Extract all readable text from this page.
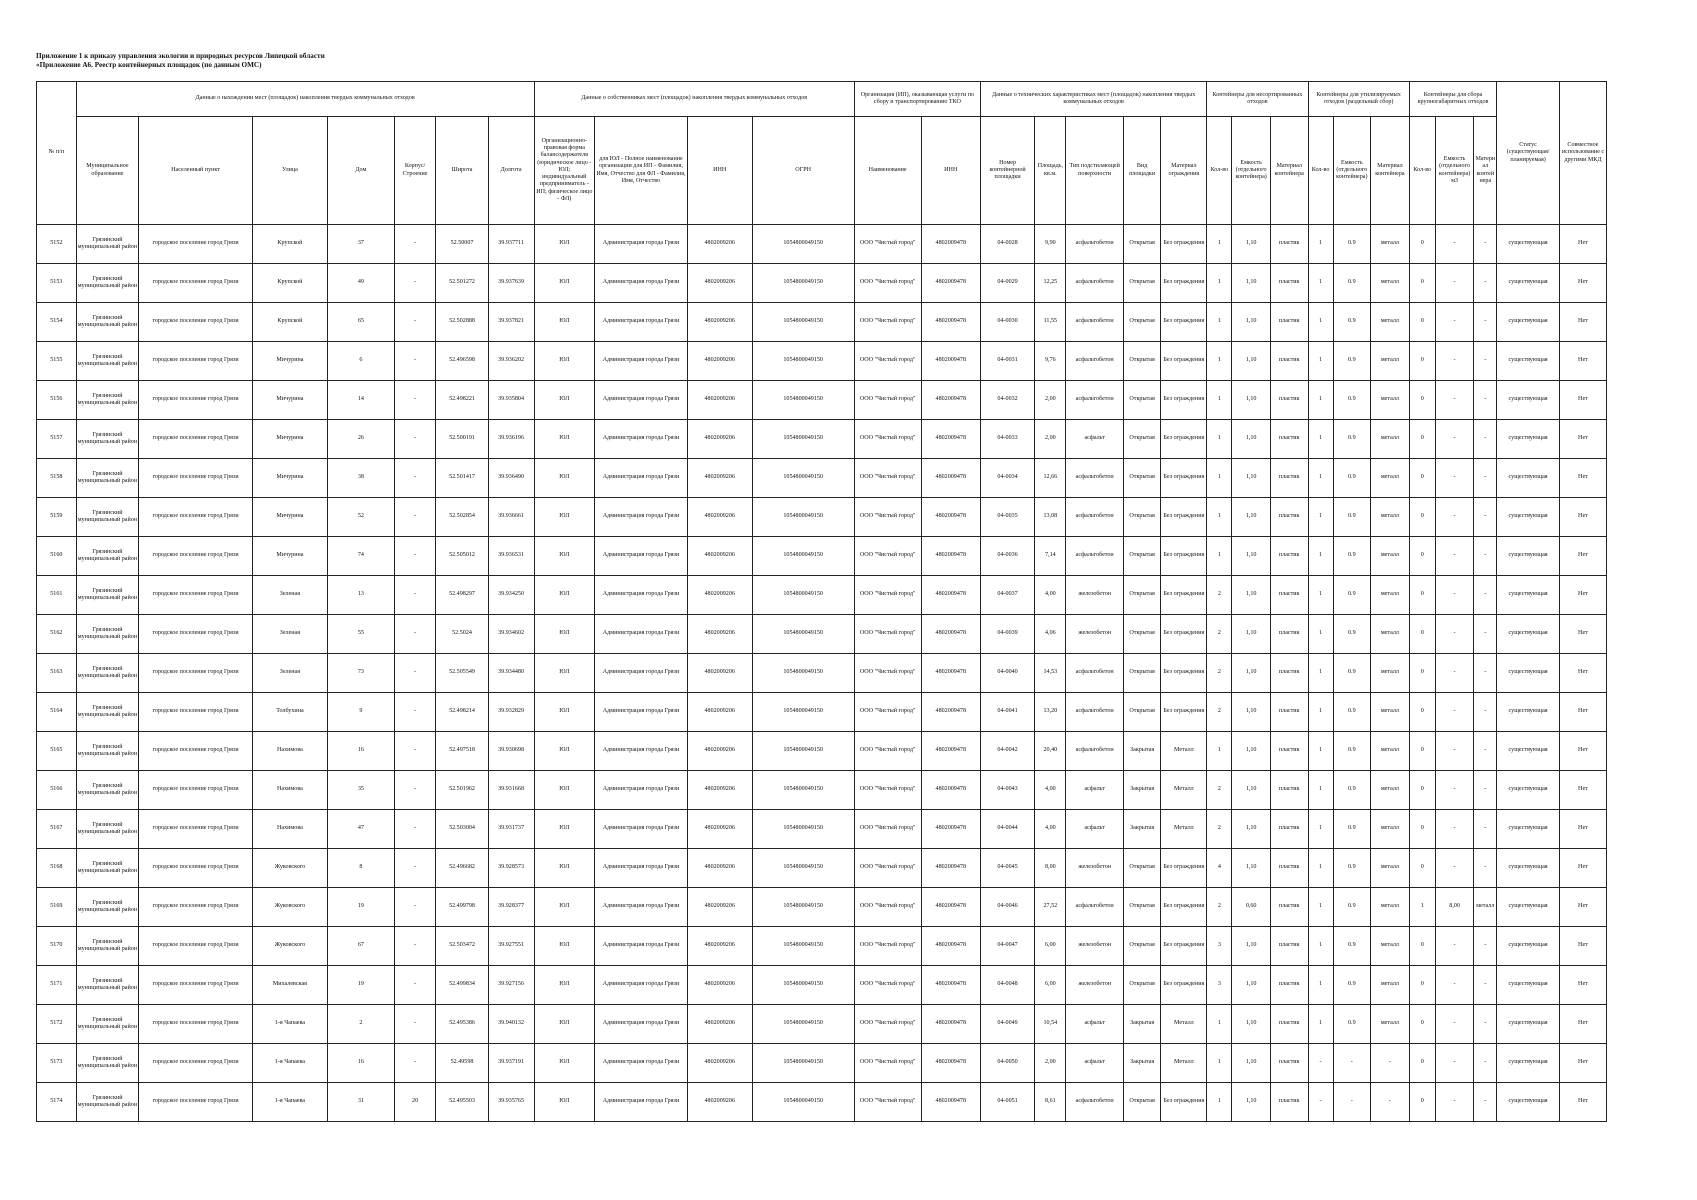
Приложение 1 к приказу управления экологии и природных ресурсов Липецкой области
«Приложение А6. Реестр контейнерных площадок (по данным ОМС)
№ п/п	Данные о нахождении мест (площадок) накопления твердых коммунальных отходов							Данные о собственниках мест (площадок) накопления твердых коммунальных отходов				Организация (ИП), оказывающая услуги по сбору и транспортированию ТКО		Данные о технических характеристиках мест (площадок) накопления твердых коммунальных отходов					Контейнеры для несортированных отходов			Контейнеры для утилизируемых отходов (раздельный сбор)			Контейнеры для сбора крупногабаритных отходов			Статус (существующая/планируемая)	Совместное использование с другими МКД
	Муниципальное образование	Населенный пункт	Улица	Дом	Корпус/Строение	Широта	Долгота	Организационно-правовая форма балансодержателя (юридическое лицо - ЮЛ; индивидуальный предприниматель - ИП; физическое лицо - ФЛ)	для ЮЛ - Полное наименование организации для ИП - Фамилия, Имя, Отчество для ФЛ - Фамилия, Имя, Отчество	ИНН	ОГРН	Наименование	ИНН	Номер контейнерной площадки	Площадь, кв.м.	Тип подстилающей поверхности	Вид площадки	Материал ограждения	Кол-во	Емкость (отдельного контейнера)	Материал контейнера	Кол-во	Емкость (отдельного контейнера)	Материал контейнера	Кол-во	Емкость (отдельного контейнера) м3	Материал контейнера		
5152	Грязинский муниципальный район	городское поселение город Грязи	Крупской	37	-	52.50007	39.937711	ЮЛ	Администрация города Грязи	4802009206	1054800049150	ООО "Чистый город"	4802009478	04-0028	9,90	асфальтобетон	Открытая	Без ограждения	1	1,10	пластик	1	0.9	металл	0	-	-	существующая	Нет
5153	Грязинский муниципальный район	городское поселение город Грязи	Крупской	49	-	52.501272	39.937639	ЮЛ	Администрация города Грязи	4802009206	1054800049150	ООО "Чистый город"	4802009478	04-0029	12,25	асфальтобетон	Открытая	Без ограждения	1	1,10	пластик	1	0.9	металл	0	-	-	существующая	Нет
5154	Грязинский муниципальный район	городское поселение город Грязи	Крупской	65	-	52.502888	39.937821	ЮЛ	Администрация города Грязи	4802009206	1054800049150	ООО "Чистый город"	4802009478	04-0030	11,55	асфальтобетон	Открытая	Без ограждения	1	1,10	пластик	1	0.9	металл	0	-	-	существующая	Нет
5155	Грязинский муниципальный район	городское поселение город Грязи	Мичурина	6	-	52.496598	39.936202	ЮЛ	Администрация города Грязи	4802009206	1054800049150	ООО "Чистый город"	4802009478	04-0031	9,76	асфальтобетон	Открытая	Без ограждения	1	1,10	пластик	1	0.9	металл	0	-	-	существующая	Нет
5156	Грязинский муниципальный район	городское поселение город Грязи	Мичурина	14	-	52.498221	39.935804	ЮЛ	Администрация города Грязи	4802009206	1054800049150	ООО "Чистый город"	4802009478	04-0032	2,00	асфальтобетон	Открытая	Без ограждения	1	1,10	пластик	1	0.9	металл	0	-	-	существующая	Нет
5157	Грязинский муниципальный район	городское поселение город Грязи	Мичурина	26	-	52.500191	39.936196	ЮЛ	Администрация города Грязи	4802009206	1054800049150	ООО "Чистый город"	4802009478	04-0033	2,00	асфальт	Открытая	Без ограждения	1	1,10	пластик	1	0.9	металл	0	-	-	существующая	Нет
5158	Грязинский муниципальный район	городское поселение город Грязи	Мичурина	38	-	52.501417	39.936490	ЮЛ	Администрация города Грязи	4802009206	1054800049150	ООО "Чистый город"	4802009478	04-0034	12,66	асфальтобетон	Открытая	Без ограждения	1	1,10	пластик	1	0.9	металл	0	-	-	существующая	Нет
5159	Грязинский муниципальный район	городское поселение город Грязи	Мичурина	52	-	52.502854	39.936661	ЮЛ	Администрация города Грязи	4802009206	1054800049150	ООО "Чистый город"	4802009478	04-0035	13,08	асфальтобетон	Открытая	Без ограждения	1	1,10	пластик	1	0.9	металл	0	-	-	существующая	Нет
5160	Грязинский муниципальный район	городское поселение город Грязи	Мичурина	74	-	52.505012	39.936531	ЮЛ	Администрация города Грязи	4802009206	1054800049150	ООО "Чистый город"	4802009478	04-0036	7,14	асфальтобетон	Открытая	Без ограждения	1	1,10	пластик	1	0.9	металл	0	-	-	существующая	Нет
5161	Грязинский муниципальный район	городское поселение город Грязи	Зеленая	13	-	52.498297	39.934250	ЮЛ	Администрация города Грязи	4802009206	1054800049150	ООО "Чистый город"	4802009478	04-0037	4,00	железобетон	Открытая	Без ограждения	2	1,10	пластик	1	0.9	металл	0	-	-	существующая	Нет
5162	Грязинский муниципальный район	городское поселение город Грязи	Зеленая	55	-	52.5024	39.934602	ЮЛ	Администрация города Грязи	4802009206	1054800049150	ООО "Чистый город"	4802009478	04-0039	4,06	железобетон	Открытая	Без ограждения	2	1,10	пластик	1	0.9	металл	0	-	-	существующая	Нет
5163	Грязинский муниципальный район	городское поселение город Грязи	Зеленая	73	-	52.505549	39.934480	ЮЛ	Администрация города Грязи	4802009206	1054800049150	ООО "Чистый город"	4802009478	04-0040	14,53	асфальтобетон	Открытая	Без ограждения	2	1,10	пластик	1	0.9	металл	0	-	-	существующая	Нет
5164	Грязинский муниципальный район	городское поселение город Грязи	Толбухина	9	-	52.498214	39.932829	ЮЛ	Администрация города Грязи	4802009206	1054800049150	ООО "Чистый город"	4802009478	04-0041	13,20	асфальтобетон	Открытая	Без ограждения	2	1,10	пластик	1	0.9	металл	0	-	-	существующая	Нет
5165	Грязинский муниципальный район	городское поселение город Грязи	Нахимова	16	-	52.497518	39.930698	ЮЛ	Администрация города Грязи	4802009206	1054800049150	ООО "Чистый город"	4802009478	04-0042	20,40	асфальтобетон	Закрытая	Металл	1	1,10	пластик	1	0.9	металл	0	-	-	существующая	Нет
5166	Грязинский муниципальный район	городское поселение город Грязи	Нахимова	35	-	52.501962	39.931668	ЮЛ	Администрация города Грязи	4802009206	1054800049150	ООО "Чистый город"	4802009478	04-0043	4,00	асфальт	Закрытая	Металл	2	1,10	пластик	1	0.9	металл	0	-	-	существующая	Нет
5167	Грязинский муниципальный район	городское поселение город Грязи	Нахимова	47	-	52.503004	39.931737	ЮЛ	Администрация города Грязи	4802009206	1054800049150	ООО "Чистый город"	4802009478	04-0044	4,00	асфальт	Закрытая	Металл	2	1,10	пластик	1	0.9	металл	0	-	-	существующая	Нет
5168	Грязинский муниципальный район	городское поселение город Грязи	Жуковского	8	-	52.496682	39.928573	ЮЛ	Администрация города Грязи	4802009206	1054800049150	ООО "Чистый город"	4802009478	04-0045	8,00	железобетон	Открытая	Без ограждения	4	1,10	пластик	1	0.9	металл	0	-	-	существующая	Нет
5169	Грязинский муниципальный район	городское поселение город Грязи	Жуковского	19	-	52.499798	39.928377	ЮЛ	Администрация города Грязи	4802009206	1054800049150	ООО "Чистый город"	4802009478	04-0046	27,52	асфальтобетон	Открытая	Без ограждения	2	0,60	пластик	1	0.9	металл	1	8,00	металл	существующая	Нет
5170	Грязинский муниципальный район	городское поселение город Грязи	Жуковского	67	-	52.503472	39.927551	ЮЛ	Администрация города Грязи	4802009206	1054800049150	ООО "Чистый город"	4802009478	04-0047	6,00	железобетон	Открытая	Без ограждения	3	1,10	пластик	1	0.9	металл	0	-	-	существующая	Нет
5171	Грязинский муниципальный район	городское поселение город Грязи	Михалевская	19	-	52.499834	39.927156	ЮЛ	Администрация города Грязи	4802009206	1054800049150	ООО "Чистый город"	4802009478	04-0048	6,00	железобетон	Открытая	Без ограждения	3	1,10	пластик	1	0.9	металл	0	-	-	существующая	Нет
5172	Грязинский муниципальный район	городское поселение город Грязи	1-я Чапаева	2	-	52.495386	39.940132	ЮЛ	Администрация города Грязи	4802009206	1054800049150	ООО "Чистый город"	4802009478	04-0049	10,54	асфальт	Закрытая	Металл	1	1,10	пластик	1	0.9	металл	0	-	-	существующая	Нет
5173	Грязинский муниципальный район	городское поселение город Грязи	1-я Чапаева	16	-	52.49598	39.937191	ЮЛ	Администрация города Грязи	4802009206	1054800049150	ООО "Чистый город"	4802009478	04-0050	2,00	асфальт	Закрытая	Металл	1	1,10	пластик	-	-	-	0	-	-	существующая	Нет
5174	Грязинский муниципальный район	городское поселение город Грязи	1-я Чапаева	31	20	52.495503	39.935765	ЮЛ	Администрация города Грязи	4802009206	1054800049150	ООО "Чистый город"	4802009478	04-0051	8,61	асфальтобетон	Открытая	Без ограждения	1	1,10	пластик	-	-	-	0	-	-	существующая	Нет
